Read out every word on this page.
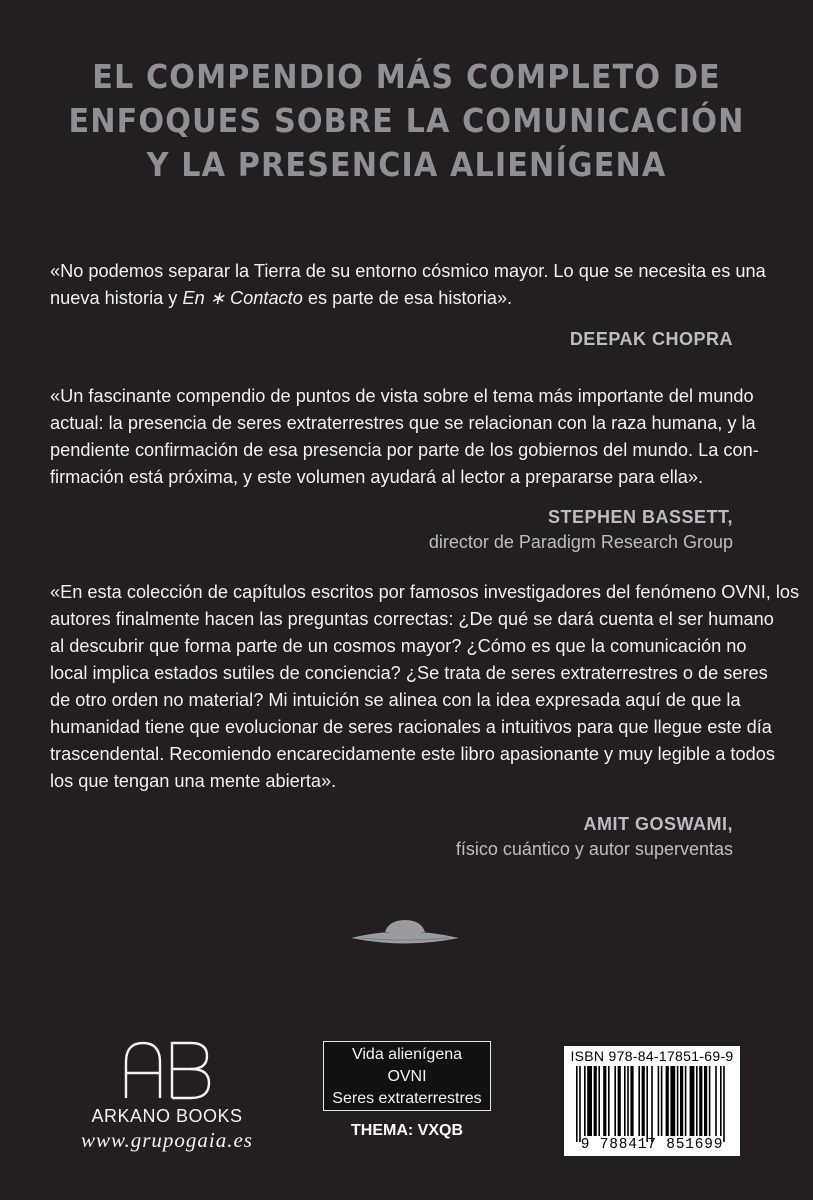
EL COMPENDIO MÁS COMPLETO DE
ENFOQUES SOBRE LA COMUNICACIÓN
Y LA PRESENCIA ALIENÍGENA
«No podemos separar la Tierra de su entorno cósmico mayor. Lo que se necesita es una
nueva historia y En ∗ Contacto es parte de esa historia».
DEEPAK CHOPRA
«Un fascinante compendio de puntos de vista sobre el tema más importante del mundo
actual: la presencia de seres extraterrestres que se relacionan con la raza humana, y la
pendiente confirmación de esa presencia por parte de los gobiernos del mundo. La con-
firmación está próxima, y este volumen ayudará al lector a prepararse para ella».
STEPHEN BASSETT,
director de Paradigm Research Group
«En esta colección de capítulos escritos por famosos investigadores del fenómeno OVNI, los
autores finalmente hacen las preguntas correctas: ¿De qué se dará cuenta el ser humano
al descubrir que forma parte de un cosmos mayor? ¿Cómo es que la comunicación no
local implica estados sutiles de conciencia? ¿Se trata de seres extraterrestres o de seres
de otro orden no material? Mi intuición se alinea con la idea expresada aquí de que la
humanidad tiene que evolucionar de seres racionales a intuitivos para que llegue este día
trascendental. Recomiendo encarecidamente este libro apasionante y muy legible a todos
los que tengan una mente abierta».
AMIT GOSWAMI,
físico cuántico y autor superventas
ARKANO BOOKS
www.grupogaia.es
Vida alienígena
OVNI
Seres extraterrestres
THEMA: VXQB
ISBN 978-84-17851-69-9
9 788417 851699
